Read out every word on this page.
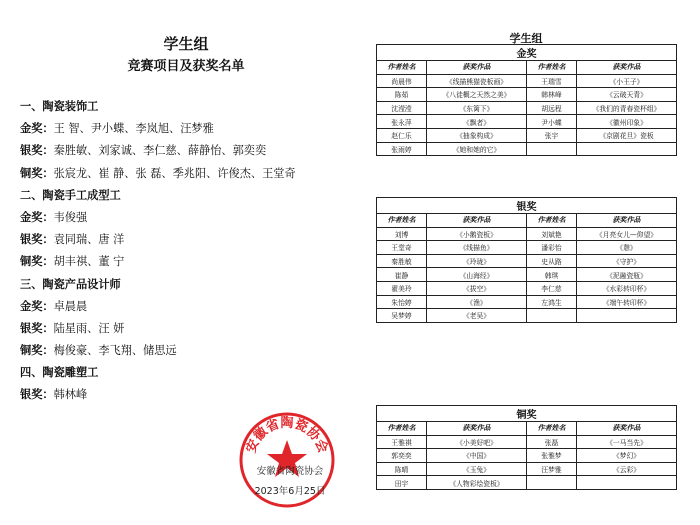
学生组
竞赛项目及获奖名单
一、陶瓷装饰工
金奖：王 智、尹小蝶、李岚旭、汪梦雅
银奖：秦胜敏、刘家诚、李仁慈、薛静怡、郭奕奕
铜奖：张宸龙、崔 静、张 磊、季兆阳、许俊杰、王堂奇
二、陶瓷手工成型工
金奖：韦俊强
银奖：袁同瑞、唐 洋
铜奖：胡丰祺、董 宁
三、陶瓷产品设计师
金奖：卓晨晨
银奖：陆星雨、汪 妍
铜奖：梅俊豪、李飞翔、储思远
四、陶瓷雕塑工
银奖：韩林峰
安徽省陶瓷协会
安徽省陶瓷协会
2023年6月25日
学生组
金奖			
作者姓名	获奖作品	作者姓名	获奖作品
尚晨伟	《线描熊猫瓷板画》	王瑞雪	《小王子》
陈茹	《八徒概之天然之美》	韩林峰	《云破天青》
沈滢滢	《东篱下》	胡远程	《我们的青春瓷杯组》
张永萍	《飘者》	尹小蝶	《徽州印象》
赵仁乐	《抽象构成》	张宇	《京剧花旦》瓷板
张雨婷	《她和她的它》		
银奖			
作者姓名	获奖作品	作者姓名	获奖作品
刘博	《小鹅瓷板》	刘斌艳	《月亮女儿—仰望》
王堂奇	《线描鱼》	潘彩怡	《憩》
秦胜敏	《玲珑》	史从路	《守护》
崔静	《山海经》	韩琪	《泥融瓷瓶》
翟美玲	《拔空》	李仁慈	《水彩转印杯》
朱怡婷	《渔》	左鸿生	《端午转印杯》
吴梦婷	《老吴》		
铜奖			
作者姓名	获奖作品	作者姓名	获奖作品
王雅祺	《小美好吧》	张磊	《一马当先》
郭奕奕	《中国》	张雅梦	《梦幻》
陈晴	《玉兔》	汪梦雅	《云彩》
田宇	《人物彩绘瓷板》		
